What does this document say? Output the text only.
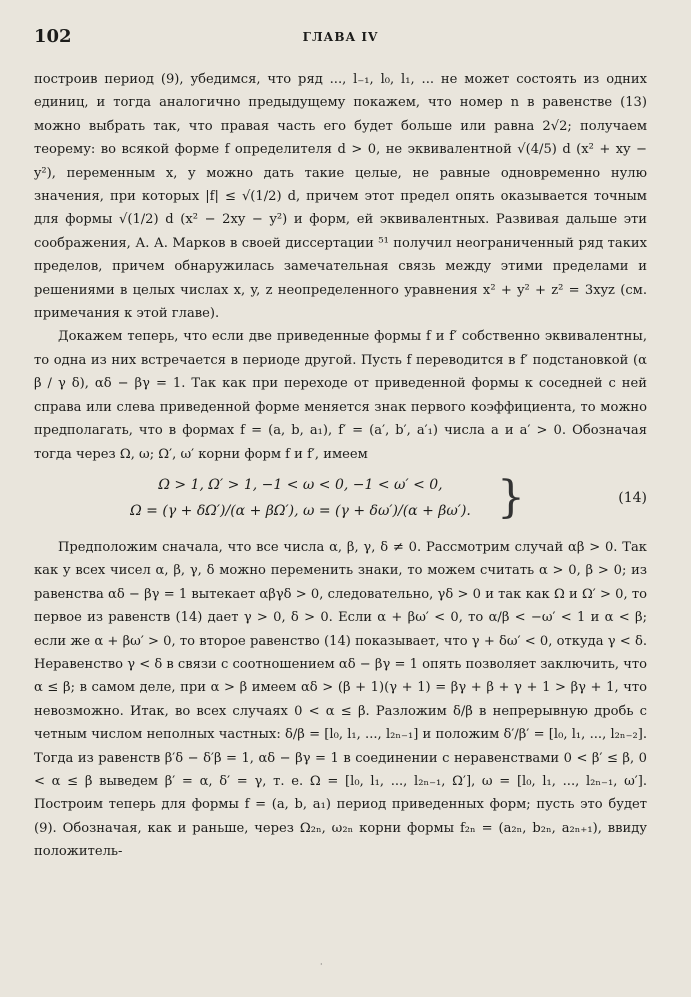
102	ГЛАВА IV

построив период (9), убедимся, что ряд ..., l₋₁, l₀, l₁, ... не может состоять из одних единиц, и тогда аналогично предыдущему покажем, что номер n в равенстве (13) можно выбрать так, что правая часть его будет больше или равна 2√2; получаем теорему: во всякой форме f определителя d > 0, не эквивалентной √(4/5) d (x² + xy − y²), переменным x, y можно дать такие целые, не равные одновременно нулю значения, при которых |f| ≤ √(1/2) d, причем этот предел опять оказывается точным для формы √(1/2) d (x² − 2xy − y²) и форм, ей эквивалентных. Развивая дальше эти соображения, А. А. Марков в своей диссертации ⁵¹ получил неограниченный ряд таких пределов, причем обнаружилась замечательная связь между этими пределами и решениями в целых числах x, y, z неопределенного уравнения x² + y² + z² = 3xyz (см. примечания к этой главе).

Докажем теперь, что если две приведенные формы f и f′ собственно эквивалентны, то одна из них встречается в периоде другой. Пусть f переводится в f′ подстановкой (α β / γ δ), αδ − βγ = 1. Так как при переходе от приведенной формы к соседней с ней справа или слева приведенной форме меняется знак первого коэффициента, то можно предполагать, что в формах f = (a, b, a₁), f′ = (a′, b′, a′₁) числа a и a′ > 0. Обозначая тогда через Ω, ω; Ω′, ω′ корни форм f и f′, имеем

Ω > 1, Ω′ > 1, −1 < ω < 0, −1 < ω′ < 0,
Ω = (γ + δΩ′)/(α + βΩ′), ω = (γ + δω′)/(α + βω′). }	(14)

Предположим сначала, что все числа α, β, γ, δ ≠ 0. Рассмотрим случай αβ > 0. Так как у всех чисел α, β, γ, δ можно переменить знаки, то можем считать α > 0, β > 0; из равенства αδ − βγ = 1 вытекает αβγδ > 0, следовательно, γδ > 0 и так как Ω и Ω′ > 0, то первое из равенств (14) дает γ > 0, δ > 0. Если α + βω′ < 0, то α/β < −ω′ < 1 и α < β; если же α + βω′ > 0, то второе равенство (14) показывает, что γ + δω′ < 0, откуда γ < δ. Неравенство γ < δ в связи с соотношением αδ − βγ = 1 опять позволяет заключить, что α ≤ β; в самом деле, при α > β имеем αδ > (β + 1)(γ + 1) = βγ + β + γ + 1 > βγ + 1, что невозможно. Итак, во всех случаях 0 < α ≤ β. Разложим δ/β в непрерывную дробь с четным числом неполных частных: δ/β = [l₀, l₁, ..., l₂ₙ₋₁] и положим δ′/β′ = [l₀, l₁, ..., l₂ₙ₋₂]. Тогда из равенств β′δ − δ′β = 1, αδ − βγ = 1 в соединении с неравенствами 0 < β′ ≤ β, 0 < α ≤ β выведем β′ = α, δ′ = γ, т. е. Ω = [l₀, l₁, ..., l₂ₙ₋₁, Ω′], ω = [l₀, l₁, ..., l₂ₙ₋₁, ω′]. Построим теперь для формы f = (a, b, a₁) период приведенных форм; пусть это будет (9). Обозначая, как и раньше, через Ω₂ₙ, ω₂ₙ корни формы f₂ₙ = (a₂ₙ, b₂ₙ, a₂ₙ₊₁), ввиду положитель-

·
